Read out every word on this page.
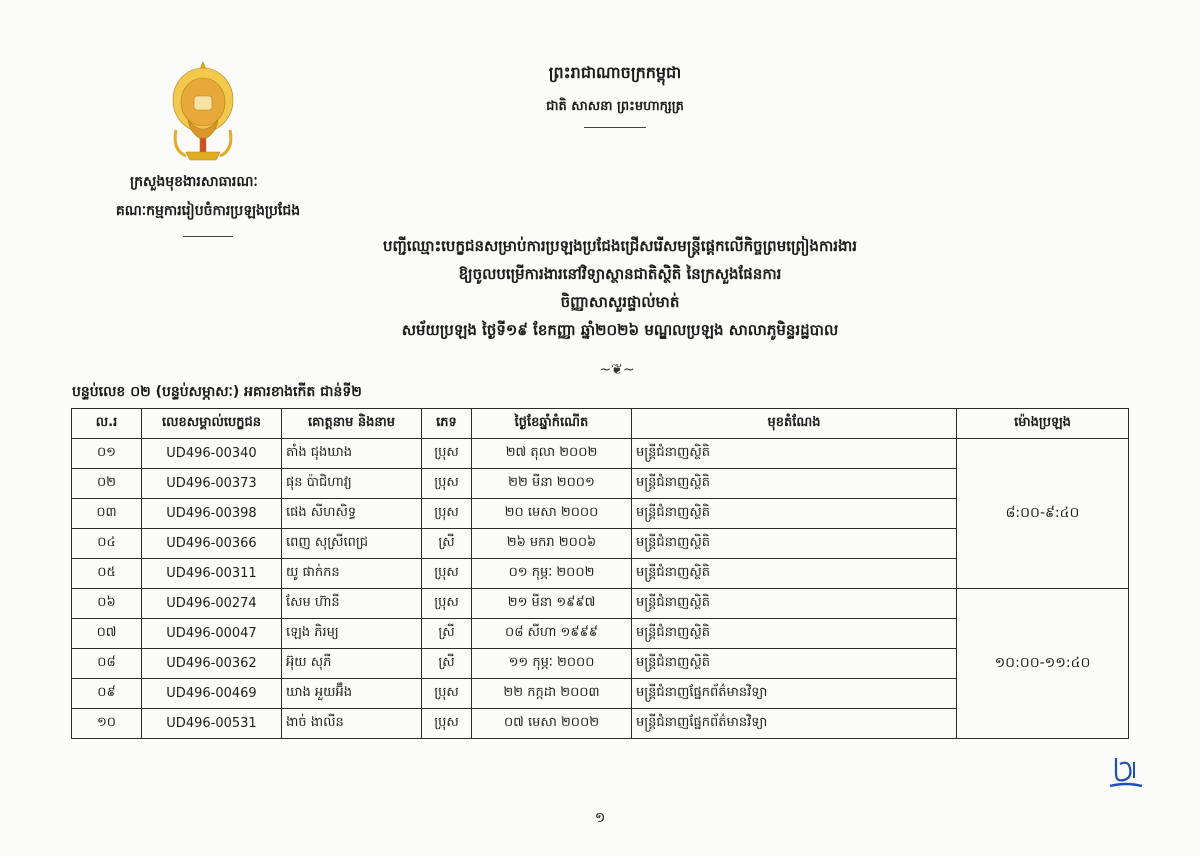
ក្រសួងមុខងារសាធារណៈ
គណៈកម្មការរៀបចំការប្រឡងប្រជែង
ព្រះរាជាណាចក្រកម្ពុជា
ជាតិ សាសនា ព្រះមហាក្សត្រ
បញ្ជីឈ្មោះបេក្ខជនសម្រាប់ការប្រឡងប្រជែងជ្រើសរើសមន្ត្រីផ្តេកលើកិច្ចព្រមព្រៀងការងារ
ឱ្យចូលបម្រើការងារនៅវិទ្យាស្ថានជាតិស្ថិតិ នៃក្រសួងផែនការ
ចិញ្ញាសាសួរផ្ទាល់មាត់
សម័យប្រឡង ថ្ងៃទី១៩ ខែកញ្ញា ឆ្នាំ២០២៦ មណ្ឌលប្រឡង សាលាភូមិន្ទរដ្ឋបាល
~❦~
បន្ទប់លេខ ០២ (បន្ទប់សម្ភាសៈ) អគារខាងកើត ជាន់ទី២
ល.រ	លេខសម្គាល់បេក្ខជន	គោត្តនាម និងនាម	ភេទ	ថ្ងៃខែឆ្នាំកំណើត	មុខតំណែង	ម៉ោងប្រឡង
០១	UD496-00340	តាំង ជុងឃាង	ប្រុស	២៧ តុលា ២០០២	មន្ត្រីជំនាញស្ថិតិ	៨:០០-៩:៤០
០២	UD496-00373	ផុន ប៉ាជិហាវ្យ	ប្រុស	២២ មីនា ២០០១	មន្ត្រីជំនាញស្ថិតិ	
០៣	UD496-00398	ផេង សីហសិទ្ធ	ប្រុស	២០ មេសា ២០០០	មន្ត្រីជំនាញស្ថិតិ	
០៤	UD496-00366	ពេញ សុស្រីពេជ្រ	ស្រី	២៦ មករា ២០០៦	មន្ត្រីជំនាញស្ថិតិ	
០៥	UD496-00311	យូ ផាក់កន	ប្រុស	០១ កុម្ភៈ ២០០២	មន្ត្រីជំនាញស្ថិតិ	
០៦	UD496-00274	សែម ហ៊ានី	ប្រុស	២១ មីនា ១៩៩៧	មន្ត្រីជំនាញស្ថិតិ	១០:០០-១១:៤០
០៧	UD496-00047	ឡេង ភិរម្យ	ស្រី	០៨ សីហា ១៩៩៩	មន្ត្រីជំនាញស្ថិតិ	
០៨	UD496-00362	អ៊ុយ សុភី	ស្រី	១១ កុម្ភៈ ២០០០	មន្ត្រីជំនាញស្ថិតិ	
០៩	UD496-00469	ឃាង អួយអ៊ឹង	ប្រុស	២២ កក្កដា ២០០៣	មន្ត្រីជំនាញផ្នែកព័ត៌មានវិទ្យា	
១០	UD496-00531	ងាច់ ងាលីន	ប្រុស	០៧ មេសា ២០០២	មន្ត្រីជំនាញផ្នែកព័ត៌មានវិទ្យា	
១
